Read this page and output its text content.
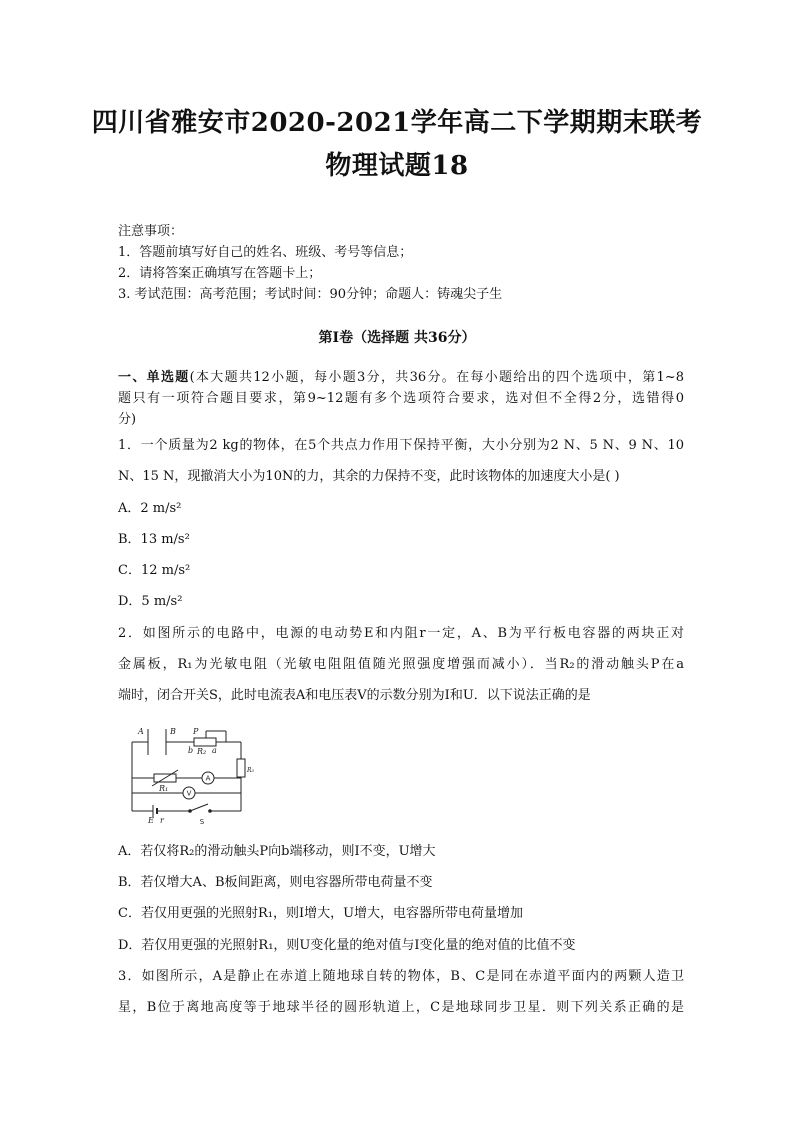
四川省雅安市2020-2021学年高二下学期期末联考
物理试题18
注意事项：
1．答题前填写好自己的姓名、班级、考号等信息；
2．请将答案正确填写在答题卡上；
3. 考试范围：高考范围；考试时间：90分钟；命题人：铸魂尖子生
第I卷（选择题 共36分）
一、单选题(本大题共12小题，每小题3分，共36分。在每小题给出的四个选项中，第1~8
题只有一项符合题目要求，第9~12题有多个选项符合要求，选对但不全得2分，选错得0
分)
1．一个质量为2 kg的物体，在5个共点力作用下保持平衡，大小分别为2 N、5 N、9 N、10
N、15 N，现撤消大小为10N的力，其余的力保持不变，此时该物体的加速度大小是( )
A．2 m/s²
B．13 m/s²
C．12 m/s²
D．5 m/s²
2．如图所示的电路中，电源的电动势E和内阻r一定，A、B为平行板电容器的两块正对
金属板，R₁为光敏电阻（光敏电阻阻值随光照强度增强而减小）．当R₂的滑动触头P在a
端时，闭合开关S，此时电流表A和电压表V的示数分别为I和U．以下说法正确的是
A	B P
b R₂ a
R₁
R₃
E r
A
V
S
A．若仅将R₂的滑动触头P向b端移动，则I不变，U增大
B．若仅增大A、B板间距离，则电容器所带电荷量不变
C．若仅用更强的光照射R₁，则I增大，U增大，电容器所带电荷量增加
D．若仅用更强的光照射R₁，则U变化量的绝对值与I变化量的绝对值的比值不变
3．如图所示，A是静止在赤道上随地球自转的物体，B、C是同在赤道平面内的两颗人造卫
星，B位于离地高度等于地球半径的圆形轨道上，C是地球同步卫星．则下列关系正确的是
